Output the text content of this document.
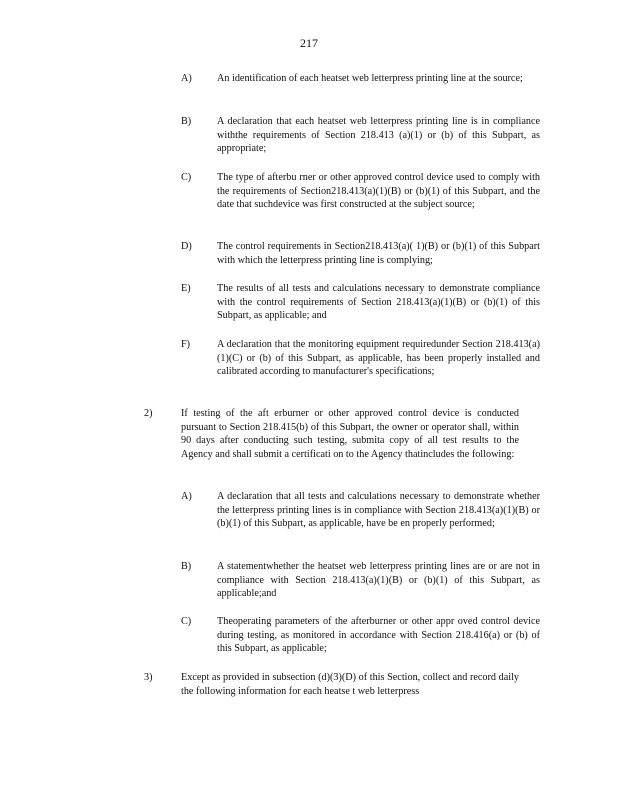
217
A) An identification of each heatset web letterpress printing line at the source;
B)	A declaration that each heatset web letterpress printing line is in compliance withthe requirements of Section 218.413 (a)(1) or (b) of this Subpart, as appropriate;
C)	The type of afterbu rner or other approved control device used to comply with the requirements of Section218.413(a)(1)(B) or (b)(1) of this Subpart, and the date that suchdevice was first constructed at the subject source;
D) The control requirements in Section218.413(a)( 1)(B) or (b)(1) of this Subpart with which the letterpress printing line is complying;
E)	The results of all tests and calculations necessary to demonstrate compliance with the control requirements of Section 218.413(a)(1)(B) or (b)(1) of this Subpart, as applicable; and
F)	A declaration that the monitoring equipment requiredunder Section 218.413(a)(1)(C) or (b) of this Subpart, as applicable, has been properly installed and calibrated according to manufacturer's specifications;
2)	If testing of the aft erburner or other approved control device is conducted pursuant to Section 218.415(b) of this Subpart, the owner or operator shall, within 90 days after conducting such testing, submita copy of all test results to the Agency and shall submit a certificati on to the Agency thatincludes the following:
A) A declaration that all tests and calculations necessary to demonstrate whether the letterpress printing lines is in compliance with Section 218.413(a)(1)(B) or (b)(1) of this Subpart, as applicable, have be en properly performed;
B)	A statementwhether the heatset web letterpress printing lines are or are not in compliance with Section 218.413(a)(1)(B) or (b)(1) of this Subpart, as applicable;and
C)	Theoperating parameters of the afterburner or other appr oved control device during testing, as monitored in accordance with Section 218.416(a) or (b) of this Subpart, as applicable;
3)	Except as provided in subsection (d)(3)(D) of this Section, collect and record daily the following information for each heatse t web letterpress
